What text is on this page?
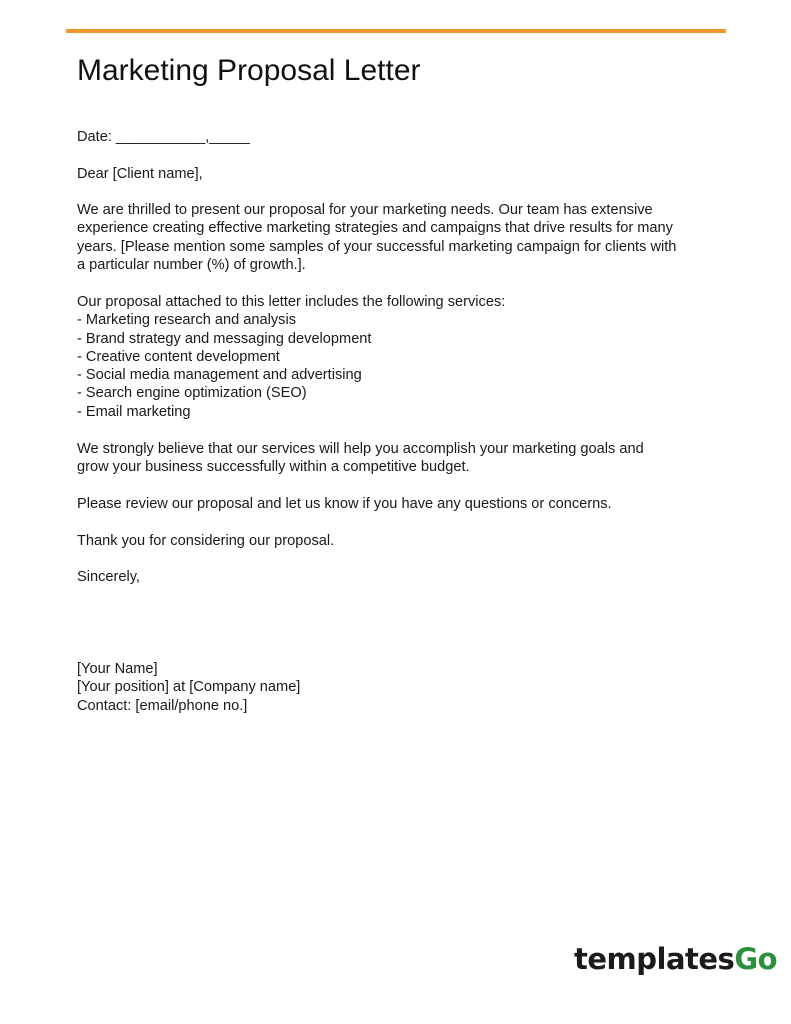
Marketing Proposal Letter

Date: ___________,_____

Dear [Client name],

We are thrilled to present our proposal for your marketing needs. Our team has extensive
experience creating effective marketing strategies and campaigns that drive results for many
years. [Please mention some samples of your successful marketing campaign for clients with
a particular number (%) of growth.].

Our proposal attached to this letter includes the following services:
- Marketing research and analysis
- Brand strategy and messaging development
- Creative content development
- Social media management and advertising
- Search engine optimization (SEO)
- Email marketing

We strongly believe that our services will help you accomplish your marketing goals and
grow your business successfully within a competitive budget.

Please review our proposal and let us know if you have any questions or concerns.

Thank you for considering our proposal.

Sincerely,

[Your Name]
[Your position] at [Company name]
Contact: [email/phone no.]

templatesGo
